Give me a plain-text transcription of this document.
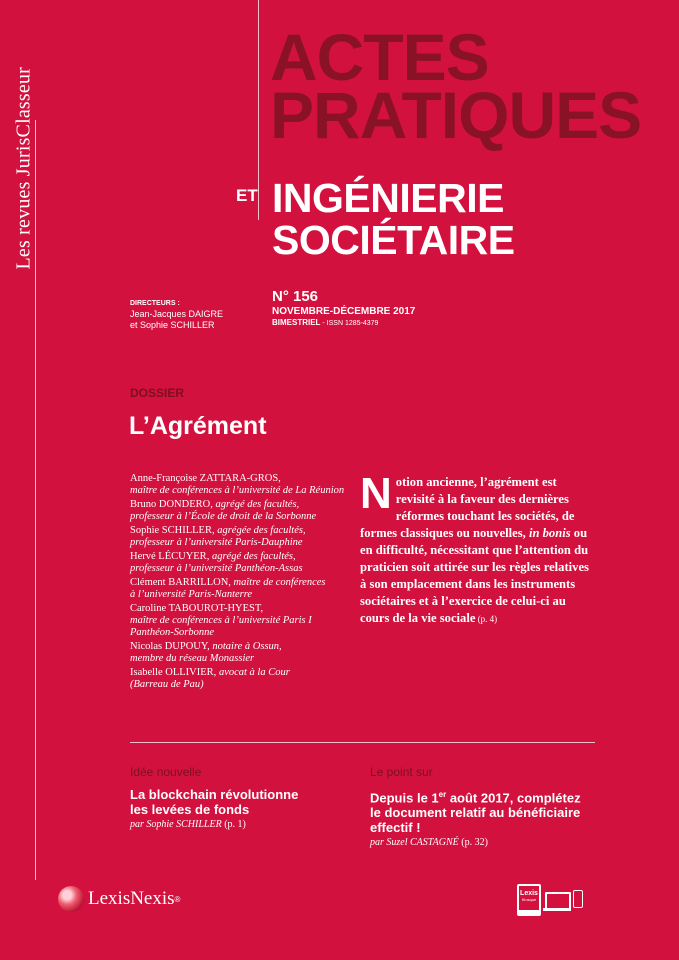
Les revues JurisClasseur
ACTES
PRATIQUES
ET INGÉNIERIE
SOCIÉTAIRE
DIRECTEURS :
Jean-Jacques DAIGRE
et Sophie SCHILLER
N° 156
NOVEMBRE-DÉCEMBRE 2017
BIMESTRIEL - ISSN 1285-4379
DOSSIER
L’Agrément
Anne-Françoise ZATTARA-GROS,
maître de conférences à l’université de La Réunion
Bruno DONDERO, agrégé des facultés,
professeur à l’École de droit de la Sorbonne
Sophie SCHILLER, agrégée des facultés,
professeur à l’université Paris-Dauphine
Hervé LÉCUYER, agrégé des facultés,
professeur à l’université Panthéon-Assas
Clément BARRILLON, maître de conférences
à l’université Paris-Nanterre
Caroline TABOUROT-HYEST,
maître de conférences à l’université Paris I
Panthéon-Sorbonne
Nicolas DUPOUY, notaire à Ossun,
membre du réseau Monassier
Isabelle OLLIVIER, avocat à la Cour
(Barreau de Pau)
Notion ancienne, l’agrément est revisité à la faveur des dernières réformes touchant les sociétés, de formes classiques ou nouvelles, in bonis ou en difficulté, nécessitant que l’attention du praticien soit attirée sur les règles relatives à son emplacement dans les instruments sociétaires et à l’exercice de celui-ci au cours de la vie sociale (p. 4)
Idée nouvelle
La blockchain révolutionne
les levées de fonds
par Sophie SCHILLER (p. 1)
Le point sur
Depuis le 1er août 2017, complétez le document relatif au bénéficiaire effectif !
par Suzel CASTAGNÉ (p. 32)
LexisNexis ®
Lexis
Kiosque
